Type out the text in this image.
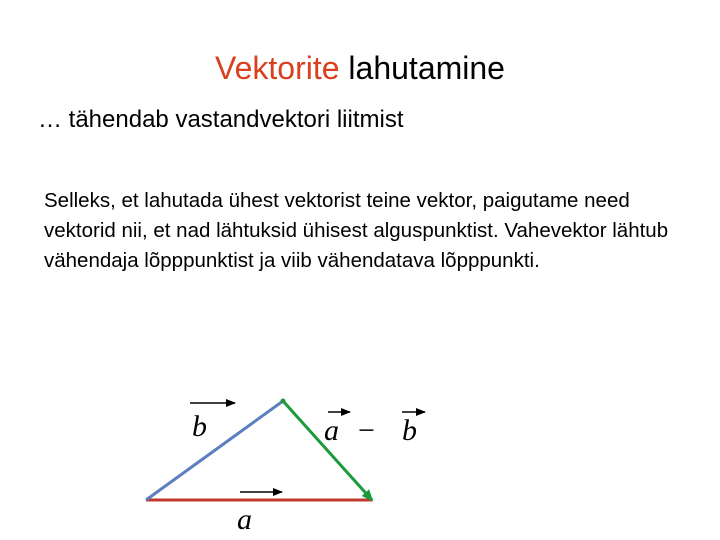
Vektorite lahutamine
… tähendab vastandvektori liitmist

Selleks, et lahutada ühest vektorist teine vektor, paigutame need vektorid nii, et nad lähtuksid ühisest alguspunktist. Vahevektor lähtub vähendaja lõpppunktist ja viib vähendatava lõpppunkti.

b	a − b
a
